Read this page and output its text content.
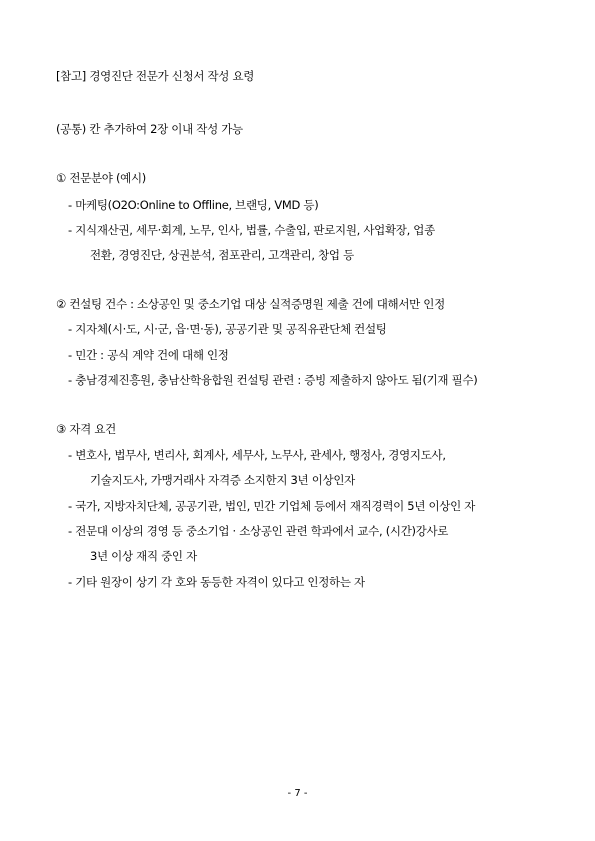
[참고] 경영진단 전문가 신청서 작성 요령
(공통) 칸 추가하여 2장 이내 작성 가능
① 전문분야 (예시)
- 마케팅(O2O:Online to Offline, 브랜딩, VMD 등)
- 지식재산권, 세무·회계, 노무, 인사, 법률, 수출입, 판로지원, 사업확장, 업종
전환, 경영진단, 상권분석, 점포관리, 고객관리, 창업 등
② 컨설팅 건수 : 소상공인 및 중소기업 대상 실적증명원 제출 건에 대해서만 인정
- 지자체(시·도, 시·군, 읍·면·동), 공공기관 및 공직유관단체 컨설팅
- 민간 : 공식 계약 건에 대해 인정
- 충남경제진흥원, 충남산학융합원 컨설팅 관련 : 증빙 제출하지 않아도 됨(기재 필수)
③ 자격 요건
- 변호사, 법무사, 변리사, 회계사, 세무사, 노무사, 관세사, 행정사, 경영지도사,
기술지도사, 가맹거래사 자격증 소지한지 3년 이상인자
- 국가, 지방자치단체, 공공기관, 법인, 민간 기업체 등에서 재직경력이 5년 이상인 자
- 전문대 이상의 경영 등 중소기업 · 소상공인 관련 학과에서 교수, (시간)강사로
3년 이상 재직 중인 자
- 기타 원장이 상기 각 호와 동등한 자격이 있다고 인정하는 자
- 7 -
